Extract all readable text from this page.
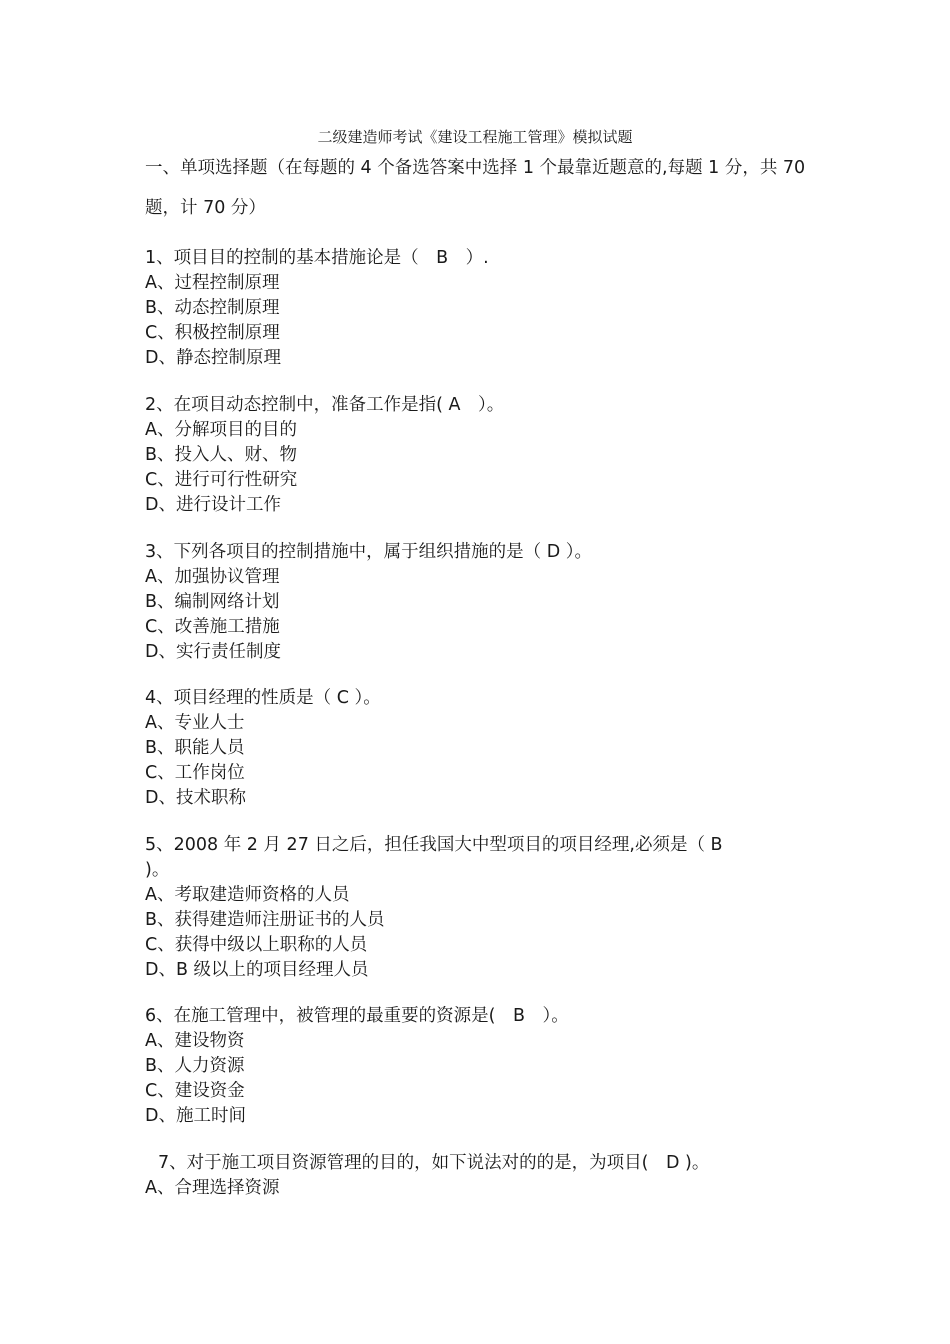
二级建造师考试《建设工程施工管理》模拟试题
一、单项选择题（在每题的 4 个备选答案中选择 1 个最靠近题意的,每题 1 分，共 70 题，计 70 分）
1、项目目的控制的基本措施论是（　B　）.
A、过程控制原理
B、动态控制原理
C、积极控制原理
D、静态控制原理
2、在项目动态控制中，准备工作是指( A　）。
A、分解项目的目的
B、投入人、财、物
C、进行可行性研究
D、进行设计工作
3、下列各项目的控制措施中，属于组织措施的是（ D ）。
A、加强协议管理
B、编制网络计划
C、改善施工措施
D、实行责任制度
4、项目经理的性质是（ C ）。
A、专业人士
B、职能人员
C、工作岗位
D、技术职称
5、2008 年 2 月 27 日之后，担任我国大中型项目的项目经理,必须是（ B )。
A、考取建造师资格的人员
B、获得建造师注册证书的人员
C、获得中级以上职称的人员
D、B 级以上的项目经理人员
6、在施工管理中，被管理的最重要的资源是(　B　）。
A、建设物资
B、人力资源
C、建设资金
D、施工时间
7、对于施工项目资源管理的目的，如下说法对的的是，为项目(　D )。
A、合理选择资源
